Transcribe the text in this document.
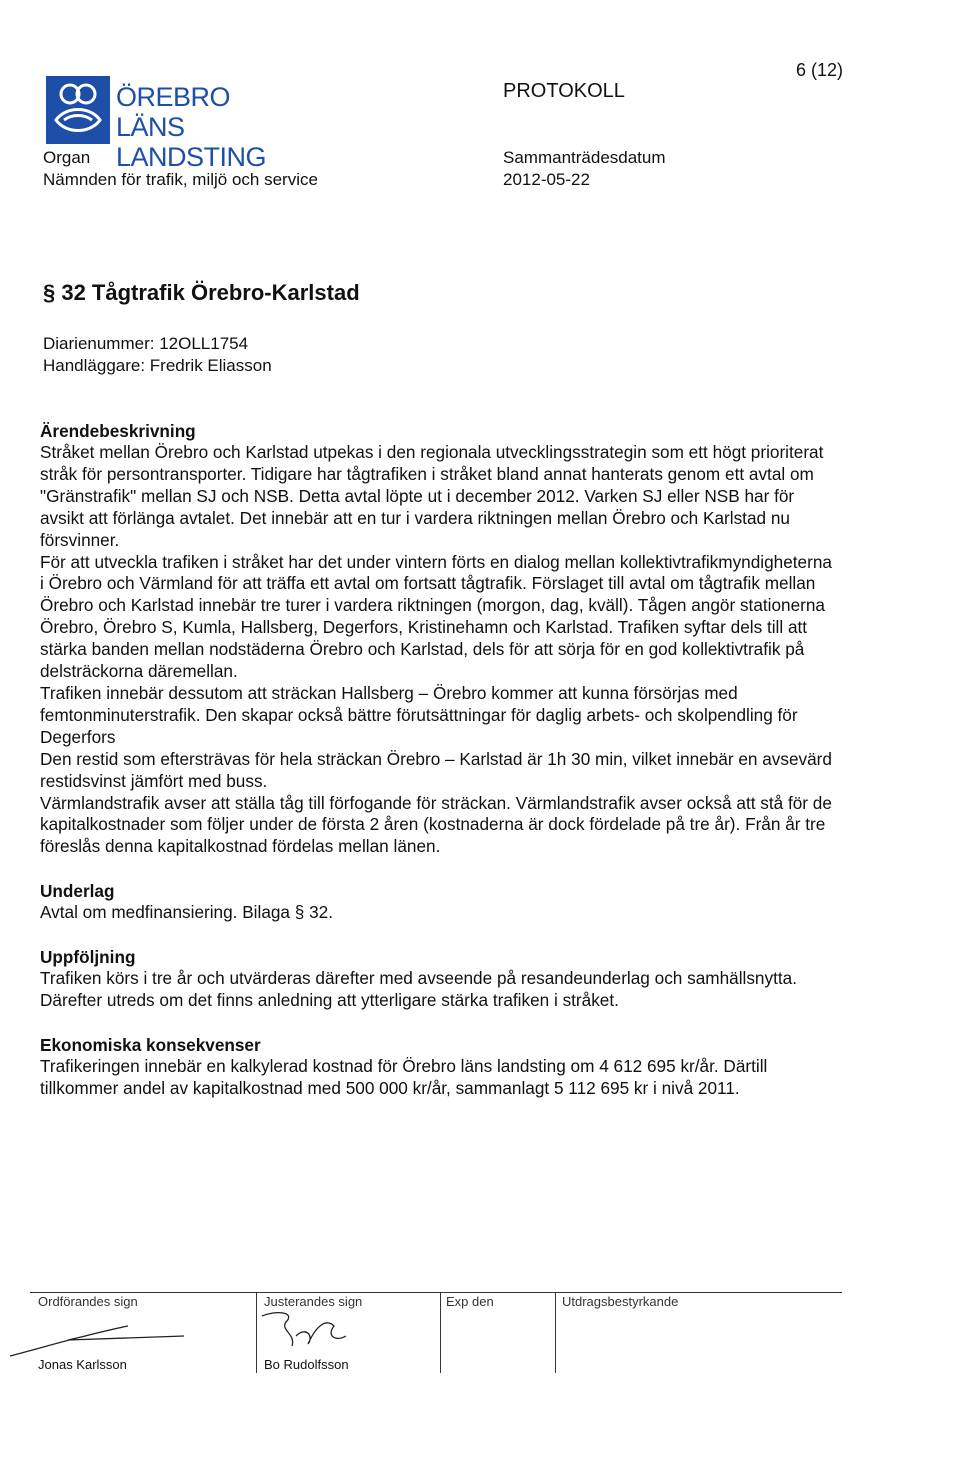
6 (12)
ÖREBRO LÄNS
LANDSTING
PROTOKOLL
Organ
Nämnden för trafik, miljö och service
Sammanträdesdatum
2012-05-22
§ 32 Tågtrafik Örebro-Karlstad
Diarienummer: 12OLL1754
Handläggare: Fredrik Eliasson
Ärendebeskrivning

Stråket mellan Örebro och Karlstad utpekas i den regionala utvecklingsstrategin som ett högt prioriterat stråk för persontransporter. Tidigare har tågtrafiken i stråket bland annat hanterats genom ett avtal om "Gränstrafik" mellan SJ och NSB. Detta avtal löpte ut i december 2012. Varken SJ eller NSB har för avsikt att förlänga avtalet. Det innebär att en tur i vardera riktningen mellan Örebro och Karlstad nu försvinner.

För att utveckla trafiken i stråket har det under vintern förts en dialog mellan kollektivtrafikmyndigheterna i Örebro och Värmland för att träffa ett avtal om fortsatt tågtrafik. Förslaget till avtal om tågtrafik mellan Örebro och Karlstad innebär tre turer i vardera riktningen (morgon, dag, kväll). Tågen angör stationerna Örebro, Örebro S, Kumla, Hallsberg, Degerfors, Kristinehamn och Karlstad. Trafiken syftar dels till att stärka banden mellan nodstäderna Örebro och Karlstad, dels för att sörja för en god kollektivtrafik på delsträckorna däremellan.

Trafiken innebär dessutom att sträckan Hallsberg – Örebro kommer att kunna försörjas med femtonminuterstrafik. Den skapar också bättre förutsättningar för daglig arbets- och skolpendling för Degerfors

Den restid som eftersträvas för hela sträckan Örebro – Karlstad är 1h 30 min, vilket innebär en avsevärd restidsvinst jämfört med buss.

Värmlandstrafik avser att ställa tåg till förfogande för sträckan. Värmlandstrafik avser också att stå för de kapitalkostnader som följer under de första 2 åren (kostnaderna är dock fördelade på tre år). Från år tre föreslås denna kapitalkostnad fördelas mellan länen.

Underlag

Avtal om medfinansiering. Bilaga § 32.

Uppföljning

Trafiken körs i tre år och utvärderas därefter med avseende på resandeunderlag och samhällsnytta. Därefter utreds om det finns anledning att ytterligare stärka trafiken i stråket.

Ekonomiska konsekvenser

Trafikeringen innebär en kalkylerad kostnad för Örebro läns landsting om 4 612 695 kr/år. Därtill tillkommer andel av kapitalkostnad med 500 000 kr/år, sammanlagt 5 112 695 kr i nivå 2011.

Ordförandes sign	Justerandes sign	Exp den	Utdragsbestyrkande
Jonas Karlsson	Bo Rudolfsson
